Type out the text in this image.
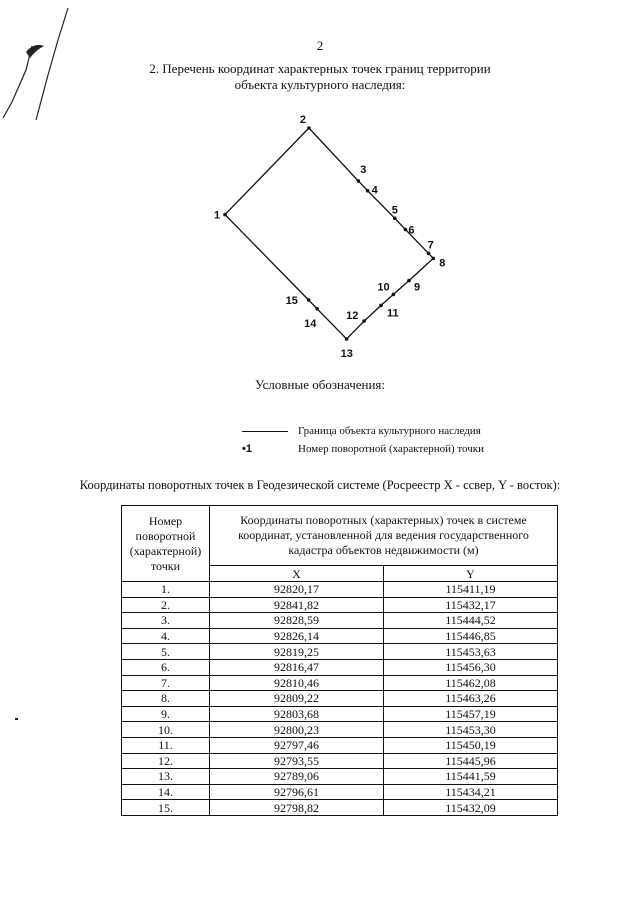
2
2. Перечень координат характерных точек границ территории
объекта культурного наследия:
1
2
3
4
5
6
7
8
9
10
11
12
13
14
15
Условные обозначения:
Граница объекта культурного наследия
•1	Номер поворотной (характерной) точки
Координаты поворотных точек в Геодезической системе (Росреестр X - ссвер, Y - восток):
Номер поворотной (характерной) точки	Координаты поворотных (характерных) точек в системе координат, установленной для ведения государственного кадастра объектов недвижимости (м)	
	X	Y
1.	92820,17	115411,19
2.	92841,82	115432,17
3.	92828,59	115444,52
4.	92826,14	115446,85
5.	92819,25	115453,63
6.	92816,47	115456,30
7.	92810,46	115462,08
8.	92809,22	115463,26
9.	92803,68	115457,19
10.	92800,23	115453,30
11.	92797,46	115450,19
12.	92793,55	115445,96
13.	92789,06	115441,59
14.	92796,61	115434,21
15.	92798,82	115432,09
